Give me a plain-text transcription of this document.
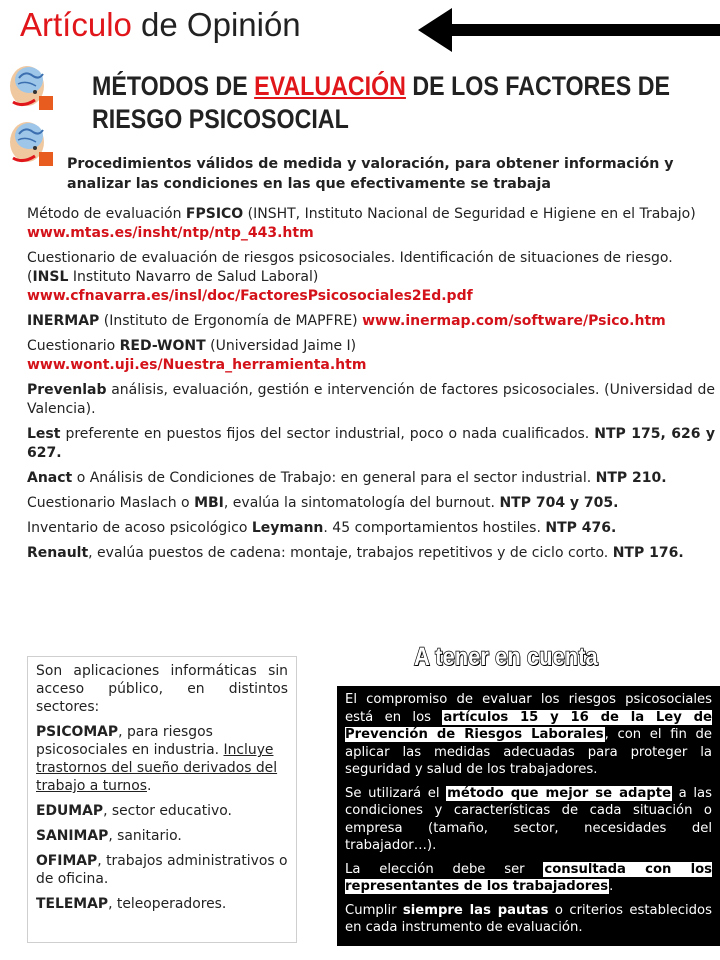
Artículo de Opinión
MÉTODOS DE EVALUACIÓN DE LOS FACTORES DE
RIESGO PSICOSOCIAL
Procedimientos válidos de medida y valoración, para obtener información y analizar las condiciones en las que efectivamente se trabaja

Método de evaluación FPSICO (INSHT, Instituto Nacional de Seguridad e Higiene en el Trabajo) www.mtas.es/insht/ntp/ntp_443.htm

Cuestionario de evaluación de riesgos psicosociales. Identificación de situaciones de riesgo. (INSL Instituto Navarro de Salud Laboral)
www.cfnavarra.es/insl/doc/FactoresPsicosociales2Ed.pdf

INERMAP (Instituto de Ergonomía de MAPFRE) www.inermap.com/software/Psico.htm

Cuestionario RED-WONT (Universidad Jaime I)
www.wont.uji.es/Nuestra_herramienta.htm

Prevenlab análisis, evaluación, gestión e intervención de factores psicosociales. (Universidad de Valencia).

Lest preferente en puestos fijos del sector industrial, poco o nada cualificados. NTP 175, 626 y 627.

Anact o Análisis de Condiciones de Trabajo: en general para el sector industrial. NTP 210.

Cuestionario Maslach o MBI, evalúa la sintomatología del burnout. NTP 704 y 705.

Inventario de acoso psicológico Leymann. 45 comportamientos hostiles. NTP 476.

Renault, evalúa puestos de cadena: montaje, trabajos repetitivos y de ciclo corto. NTP 176.

Son aplicaciones informáticas sin acceso público, en distintos sectores:

PSICOMAP, para riesgos psicosociales en industria. Incluye trastornos del sueño derivados del trabajo a turnos.

EDUMAP, sector educativo.

SANIMAP, sanitario.

OFIMAP, trabajos administrativos o de oficina.

TELEMAP, teleoperadores.

A tener en cuenta

El compromiso de evaluar los riesgos psicosociales está en los artículos 15 y 16 de la Ley de Prevención de Riesgos Laborales, con el fin de aplicar las medidas adecuadas para proteger la seguridad y salud de los trabajadores.

Se utilizará el método que mejor se adapte a las condiciones y características de cada situación o empresa (tamaño, sector, necesidades del trabajador…).

La elección debe ser consultada con los representantes de los trabajadores.

Cumplir siempre las pautas o criterios establecidos en cada instrumento de evaluación.
